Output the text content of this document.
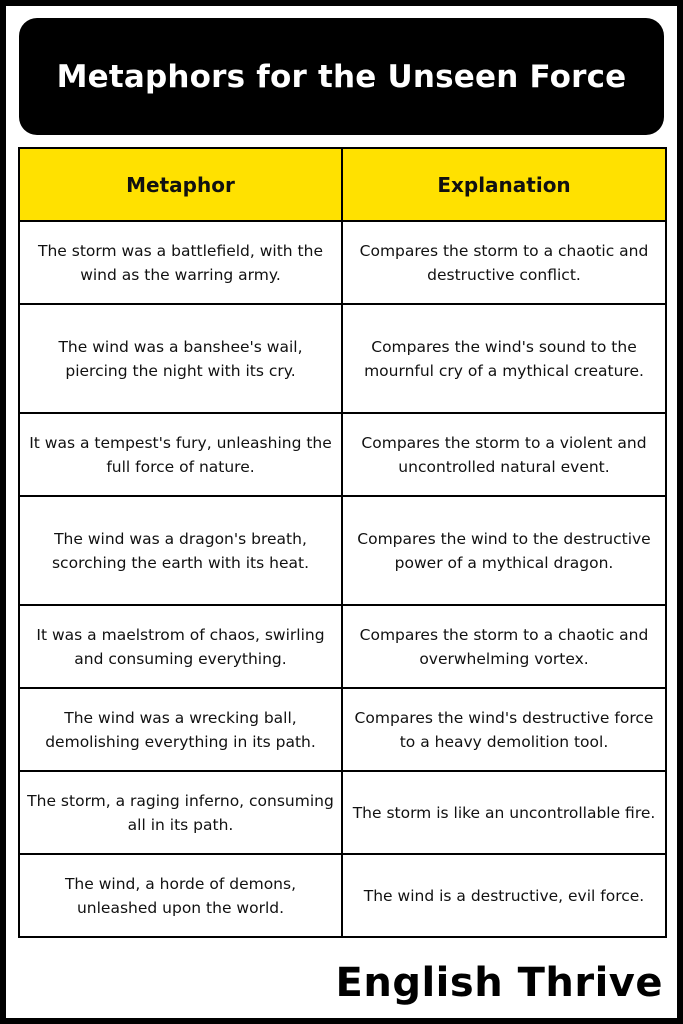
Metaphors for the Unseen Force
Metaphor	Explanation
The storm was a battlefield, with the wind as the warring army.	Compares the storm to a chaotic and destructive conflict.
The wind was a banshee's wail, piercing the night with its cry.	Compares the wind's sound to the mournful cry of a mythical creature.
It was a tempest's fury, unleashing the full force of nature.	Compares the storm to a violent and uncontrolled natural event.
The wind was a dragon's breath, scorching the earth with its heat.	Compares the wind to the destructive power of a mythical dragon.
It was a maelstrom of chaos, swirling and consuming everything.	Compares the storm to a chaotic and overwhelming vortex.
The wind was a wrecking ball, demolishing everything in its path.	Compares the wind's destructive force to a heavy demolition tool.
The storm, a raging inferno, consuming all in its path.	The storm is like an uncontrollable fire.
The wind, a horde of demons, unleashed upon the world.	The wind is a destructive, evil force.
English Thrive
